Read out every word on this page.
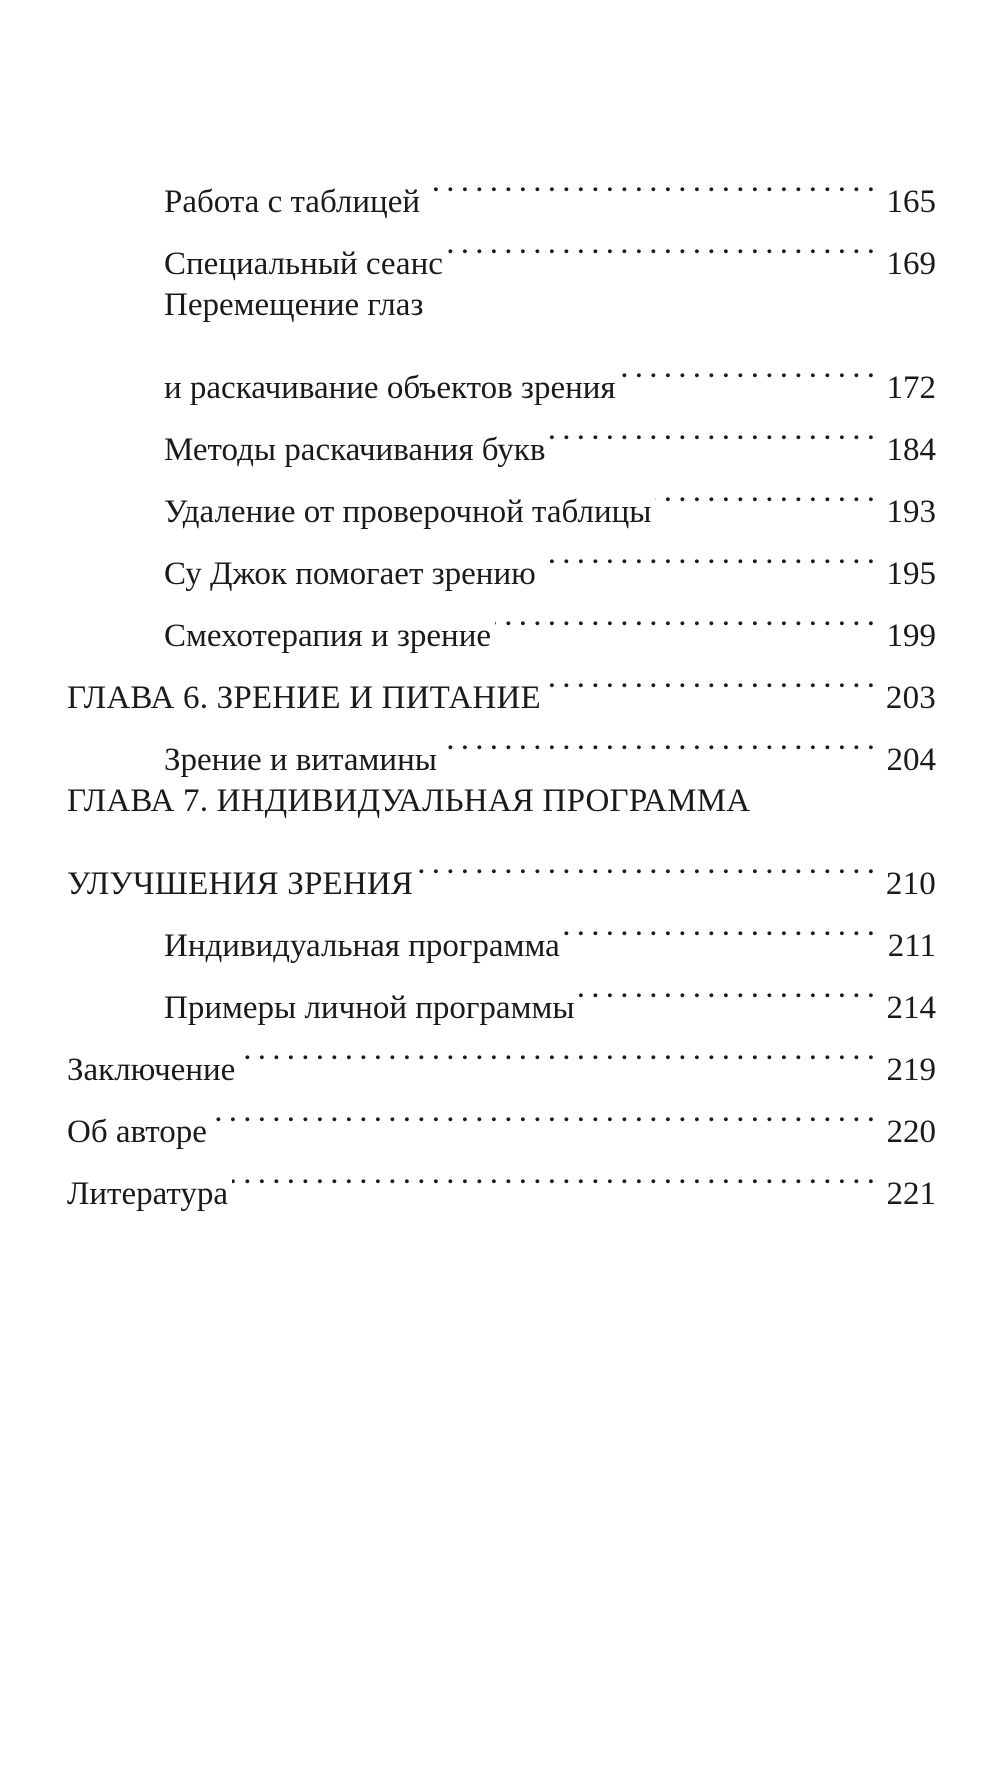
Работа с таблицей . . .	165
Специальный сеанс . . .	169
Перемещение глаз
и раскачивание объектов зрения . . .	172
Методы раскачивания букв . . .	184
Удаление от проверочной таблицы . . .	193
Су Джок помогает зрению . . .	195
Смехотерапия и зрение . . .	199
ГЛАВА 6. ЗРЕНИЕ И ПИТАНИЕ . . .	203
Зрение и витамины . . .	204
ГЛАВА 7. ИНДИВИДУАЛЬНАЯ ПРОГРАММА
УЛУЧШЕНИЯ ЗРЕНИЯ . . .	210
Индивидуальная программа . . .	211
Примеры личной программы . . .	214
Заключение . . .	219
Об авторе . . .	220
Литература . . .	221
